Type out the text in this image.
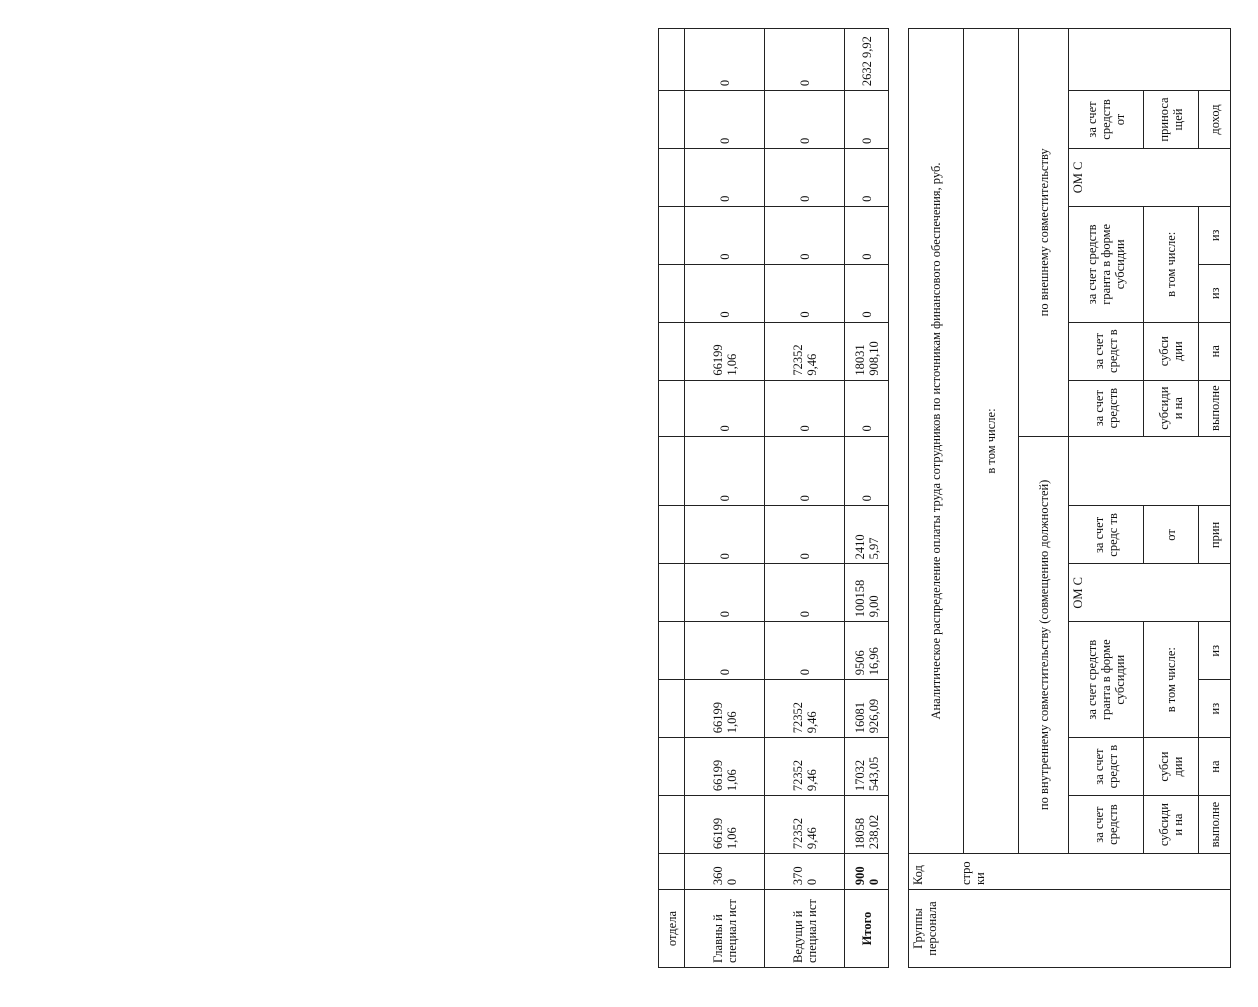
отдела															
Главны й специал ист	360 0	66199 1,06	66199 1,06	66199 1,06	0	0	0	0	0	66199 1,06	0	0	0	0	0
Ведущи й специал ист	370 0	72352 9,46	72352 9,46	72352 9,46	0	0	0	0	0	72352 9,46	0	0	0	0	0
Итого	900 0	18058 238,02	17032 543,05	16081 926,09	9506 16,96	100158 9,00	2410 5,97	0	0	18031 908,10	0	0	0	0	2632 9,92
Группы персонала	Код стро ки	Аналитическое распределение оплаты труда сотрудников по источникам финансового обеспечения, руб.													
		в том числе:													
		по внутреннему совместительству (совмещению должностей)							по внешнему совместительству						
		за счет средств	за счет средст в	за счет средств гранта в форме субсидии		ОМ С	за счет средс тв		за счет средств	за счет средст в	за счет средств гранта в форме субсидии		ОМ С	за счет средств от	
		субсиди и на	субси дии	в том числе:			от		субсиди и на	субси дии	в том числе:			приноса щей	
		выполне	на	из	из		прин		выполне	на	из	из		доход	
